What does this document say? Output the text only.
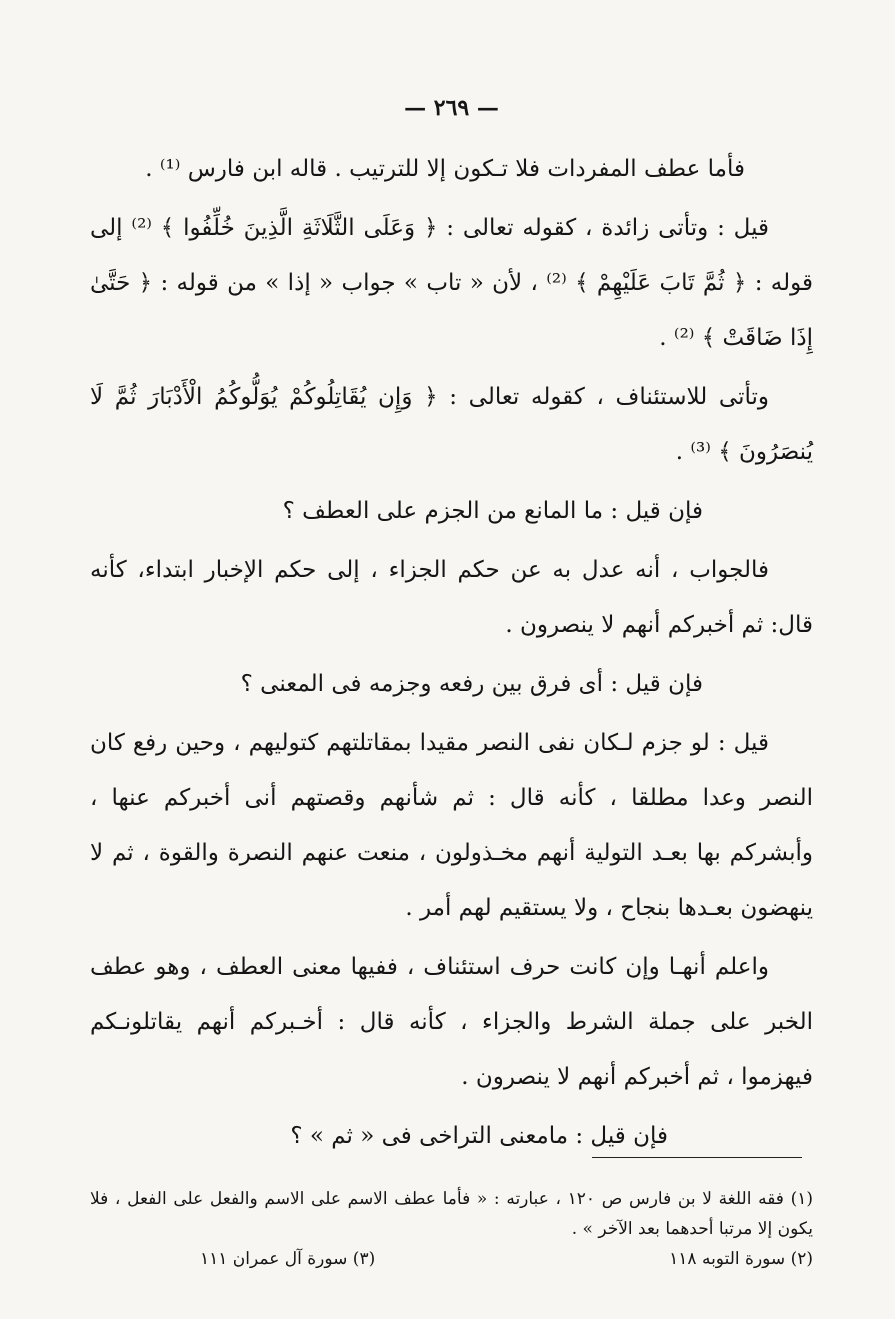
— ٢٦٩ —

فأما عطف المفردات فلا تـكون إلا للترتيب . قاله ابن فارس ⁽¹⁾ .

قيل : وتأتى زائدة ، كقوله تعالى : ﴿ وَعَلَى الثَّلَاثَةِ الَّذِينَ خُلِّفُوا ﴾ ⁽²⁾ إلى قوله : ﴿ ثُمَّ تَابَ عَلَيْهِمْ ﴾ ⁽²⁾ ، لأن « تاب » جواب « إذا » من قوله : ﴿ حَتَّىٰ إِذَا ضَاقَتْ ﴾ ⁽²⁾ .

وتأتى للاستئناف ، كقوله تعالى : ﴿ وَإِن يُقَاتِلُوكُمْ يُوَلُّوكُمُ الْأَدْبَارَ ثُمَّ لَا يُنصَرُونَ ﴾ ⁽³⁾ .

فإن قيل : ما المانع من الجزم على العطف ؟

فالجواب ، أنه عدل به عن حكم الجزاء ، إلى حكم الإخبار ابتداء، كأنه قال: ثم أخبركم أنهم لا ينصرون .

فإن قيل : أى فرق بين رفعه وجزمه فى المعنى ؟

قيل : لو جزم لـكان نفى النصر مقيدا بمقاتلتهم كتوليهم ، وحين رفع كان النصر وعدا مطلقا ، كأنه قال : ثم شأنهم وقصتهم أنى أخبركم عنها ، وأبشركم بها بعـد التولية أنهم مخـذولون ، منعت عنهم النصرة والقوة ، ثم لا ينهضون بعـدها بنجاح ، ولا يستقيم لهم أمر .

واعلم أنهـا وإن كانت حرف استئناف ، ففيها معنى العطف ، وهو عطف الخبر على جملة الشرط والجزاء ، كأنه قال : أخـبركم أنهم يقاتلونـكم فيهزموا ، ثم أخبركم أنهم لا ينصرون .

فإن قيل : مامعنى التراخى فى « ثم » ؟

(١) فقه اللغة لا بن فارس ص ١٢٠ ، عبارته : « فأما عطف الاسم على الاسم والفعل على الفعل ، فلا يكون إلا مرتبا أحدهما بعد الآخر » .

(٢) سورة التوبه ١١٨
(٣) سورة آل عمران ١١١
